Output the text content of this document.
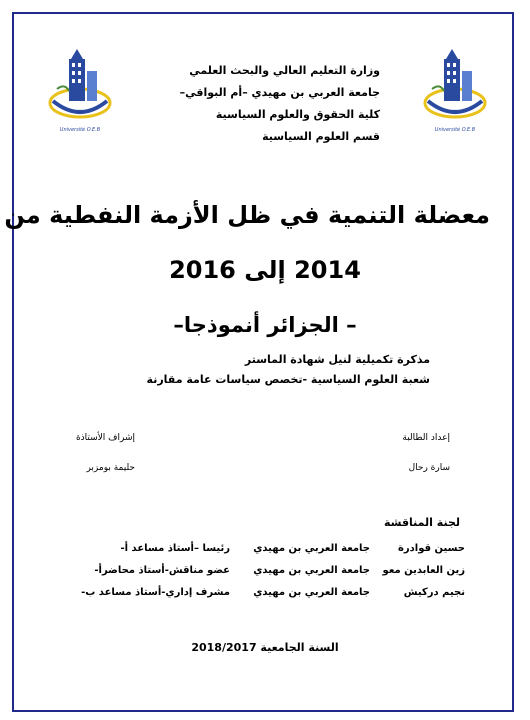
Université O.E.B	Université O.E.B
وزارة التعليم العالي والبحث العلمي
جامعة العربي بن مهيدي –أم البواقي–
كلية الحقوق والعلوم السياسية
قسم العلوم السياسية
معضلة التنمية في ظل الأزمة النفطية من
2014 إلى 2016
– الجزائر أنموذجا–
مذكرة تكميلية لنيل شهادة الماستر
شعبة العلوم السياسية -تخصص سياسات عامة مقارنة
إعداد الطالبة
سارة رحال
إشراف الأستاذة
حليمة بومزبر
لجنة المناقشة
حسين قوادرة
جامعة العربي بن مهيدي
رئيسا –أستاذ مساعد أ-
زين العابدين معو
جامعة العربي بن مهيدي
عضو مناقش-أستاذ محاضرأ-
نجيم دركيش
جامعة العربي بن مهيدي
مشرف إداري-أستاذ مساعد ب-
السنة الجامعية 2018/2017
